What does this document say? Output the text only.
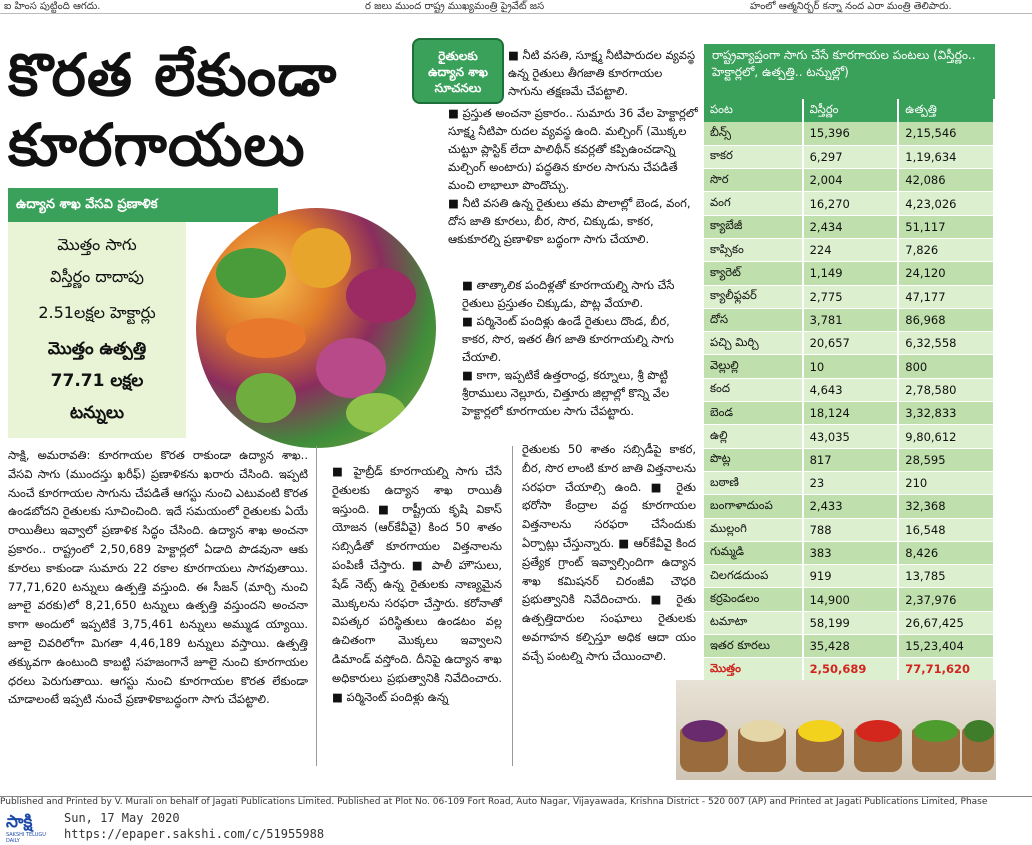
ఐ హింస పుట్టింది ఆగదు.	ర జలు ముంద రాష్ట్ర ముఖ్యమంత్రి ప్రైవేట్ జస	హంలో ఆత్మనిర్భర్ కన్నా నంద ఎరా మంత్రి తెలిపారు.
కొరత లేకుండా
కూరగాయలు
రైతులకు
ఉద్యాన శాఖ
సూచనలు

■ నీటి వసతి, సూక్ష్మ నీటిపారుదల వ్యవస్థ ఉన్న రైతులు తీగజాతి కూరగాయల సాగును తక్షణమే చేపట్టాలి.

■ ప్రస్తుత అంచనా ప్రకారం.. సుమారు 36 వేల హెక్టార్లలో సూక్ష్మ నీటిపా రుదల వ్యవస్థ ఉంది. మల్చింగ్ (మొక్కల చుట్టూ ప్లాస్టిక్ లేదా పాలిథీన్ కవర్లతో కప్పిఉంచడాన్ని మల్చింగ్ అంటారు) పద్ధతిన కూరల సాగును చేపడితే మంచి లాభాలూ పొందొచ్చు.

■ నీటి వసతి ఉన్న రైతులు తమ పొలాల్లో బెండ, వంగ, దోస జాతి కూరలు, బీర, సొర, చిక్కుడు, కాకర, ఆకుకూరల్ని ప్రణాళికా బద్ధంగా సాగు చేయాలి.

■ తాత్కాలిక పందిళ్లతో కూరగాయల్ని సాగు చేసే రైతులు ప్రస్తుతం చిక్కుడు, పొట్ల వేయాలి.

■ పర్మినెంట్ పందిళ్లు ఉండే రైతులు దొండ, బీర, కాకర, సొర, ఇతర తీగ జాతి కూరగాయల్ని సాగు చేయాలి.

■ కాగా, ఇప్పటికే ఉత్తరాంధ్ర, కర్నూలు, శ్రీ పొట్టి శ్రీరాములు నెల్లూరు, చిత్తూరు జిల్లాల్లో కొన్ని వేల హెక్టార్లలో కూరగాయల సాగు చేపట్టారు.

ఉద్యాన శాఖ వేసవి ప్రణాళిక
మొత్తం సాగు
విస్తీర్ణం దాదాపు
2.51లక్షల హెక్టార్లు
మొత్తం ఉత్పత్తి
77.71 లక్షల
టన్నులు
సాక్షి, అమరావతి: కూరగాయల కొరత రాకుండా ఉద్యాన శాఖ.. వేసవి సాగు (ముందస్తు ఖరీఫ్) ప్రణాళికను ఖరారు చేసింది. ఇప్పటి నుంచే కూరగాయల సాగును చేపడితే ఆగస్టు నుంచి ఎటువంటి కొరత ఉండబోదని రైతులకు సూచించింది. ఇదే సమయంలో రైతులకు ఏయే రాయితీలు ఇవ్వాలో ప్రణాళిక సిద్ధం చేసింది. ఉద్యాన శాఖ అంచనా ప్రకారం.. రాష్ట్రంలో 2,50,689 హెక్టార్లలో ఏడాది పొడవునా ఆకు కూరలు కాకుండా సుమారు 22 రకాల కూరగాయలు సాగవుతాయి. 77,71,620 టన్నులు ఉత్పత్తి వస్తుంది. ఈ సీజన్ (మార్చి నుంచి జూలై వరకు)లో 8,21,650 టన్నులు ఉత్పత్తి వస్తుందని అంచనా కాగా అందులో ఇప్పటికే 3,75,461 టన్నులు అమ్ముడ య్యాయి. జూలై చివరిలోగా మిగతా 4,46,189 టన్నులు వస్తాయి. ఉత్పత్తి తక్కువగా ఉంటుంది కాబట్టి సహజంగానే జూలై నుంచి కూరగాయల ధరలు పెరుగుతాయి. ఆగస్టు నుంచి కూరగాయల కొరత లేకుండా చూడాలంటే ఇప్పటి నుంచే ప్రణాళికాబద్ధంగా సాగు చేపట్టాలి.
■ హైబ్రీడ్ కూరగాయల్ని సాగు చేసే రైతులకు ఉద్యాన శాఖ రాయితీ ఇస్తుంది. ■ రాష్ట్రీయ కృషి వికాస్ యోజన (ఆర్‌కేవీవై) కింద 50 శాతం సబ్సిడీతో కూరగాయల విత్తనాలను పంపిణీ చేస్తారు. ■ పాలీ హౌసులు, షేడ్ నెట్స్ ఉన్న రైతులకు నాణ్యమైన మొక్కలను సరఫరా చేస్తారు. కరోనాతో విపత్కర పరిస్థితులు ఉండటం వల్ల ఉచితంగా మొక్కలు ఇవ్వాలని డిమాండ్ వస్తోంది. దీనిపై ఉద్యాన శాఖ అధికారులు ప్రభుత్వానికి నివేదించారు. ■ పర్మినెంట్ పందిళ్లు ఉన్న
రైతులకు 50 శాతం సబ్సిడీపై కాకర, బీర, సొర లాంటి కూర జాతి విత్తనాలను సరఫరా చేయాల్సి ఉంది. ■ రైతు భరోసా కేంద్రాల వద్ద కూరగాయల విత్తనాలను సరఫరా చేసేందుకు ఏర్పాట్లు చేస్తున్నారు. ■ ఆర్‌కేవీవై కింద ప్రత్యేక గ్రాంట్ ఇవ్వాల్సిందిగా ఉద్యాన శాఖ కమిషనర్ చిరంజీవి చౌధరి ప్రభుత్వానికి నివేదించారు. ■ రైతు ఉత్పత్తిదారుల సంఘాలు రైతులకు అవగాహన కల్పిస్తూ అధిక ఆదా యం వచ్చే పంటల్ని సాగు చేయించాలి.
రాష్ట్రవ్యాప్తంగా సాగు చేసే కూరగాయల పంటలు (విస్తీర్ణం.. హెక్టార్లలో, ఉత్పత్తి.. టన్నుల్లో)
పంట	విస్తీర్ణం	ఉత్పత్తి
బీన్స్	15,396	2,15,546
కాకర	6,297	1,19,634
సొర	2,004	42,086
వంగ	16,270	4,23,026
క్యాబేజీ	2,434	51,117
కాప్సికం	224	7,826
క్యారెట్	1,149	24,120
క్యాలీఫ్లవర్	2,775	47,177
దోస	3,781	86,968
పచ్చి మిర్చి	20,657	6,32,558
వెల్లుల్లి	10	800
కంద	4,643	2,78,580
బెండ	18,124	3,32,833
ఉల్లి	43,035	9,80,612
పొట్ల	817	28,595
బఠాణి	23	210
బంగాళాదుంప	2,433	32,368
ముల్లంగి	788	16,548
గుమ్మడి	383	8,426
చిలగడదుంప	919	13,785
కర్రపెండలం	14,900	2,37,976
టమాటా	58,199	26,67,425
ఇతర కూరలు	35,428	15,23,404
మొత్తం	2,50,689	77,71,620
Published and Printed by V. Murali on behalf of Jagati Publications Limited. Published at Plot No. 06-109 Fort Road, Auto Nagar, Vijayawada, Krishna District - 520 007 (AP) and Printed at Jagati Publications Limited, Phase
సాక్షి
SAKSHI TELUGU DAILY
Sun, 17 May 2020
https://epaper.sakshi.com/c/51955988
